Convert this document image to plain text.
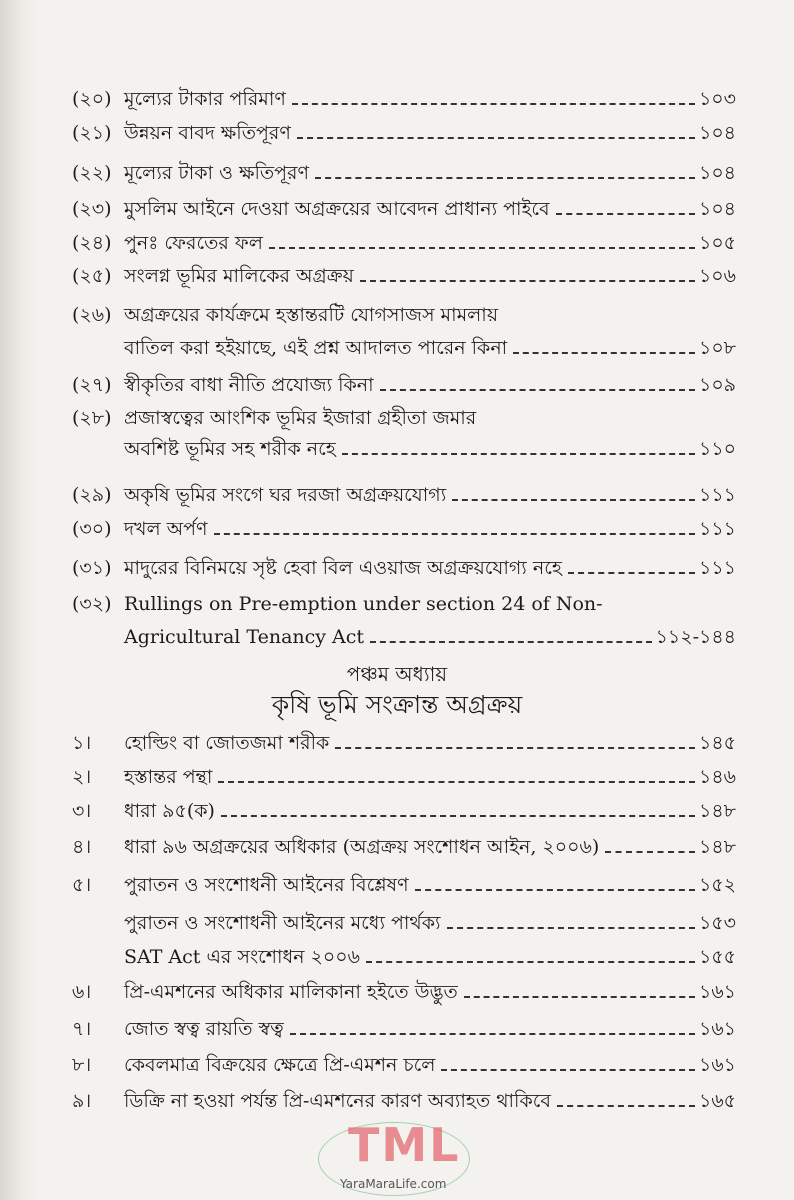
(২০) মূল্যের টাকার পরিমাণ	১০৩
(২১) উন্নয়ন বাবদ ক্ষতিপূরণ	১০৪
(২২) মূল্যের টাকা ও ক্ষতিপূরণ	১০৪
(২৩) মুসলিম আইনে দেওয়া অগ্রক্রয়ের আবেদন প্রাধান্য পাইবে	১০৪
(২৪) পুনঃ ফেরতের ফল	১০৫
(২৫) সংলগ্ন ভূমির মালিকের অগ্রক্রয়	১০৬
(২৬) অগ্রক্রয়ের কার্যক্রমে হস্তান্তরটি যোগসাজস মামলায়
বাতিল করা হইয়াছে, এই প্রশ্ন আদালত পারেন কিনা	১০৮
(২৭) স্বীকৃতির বাধা নীতি প্রযোজ্য কিনা	১০৯
(২৮) প্রজাস্বত্বের আংশিক ভূমির ইজারা গ্রহীতা জমার
অবশিষ্ট ভূমির সহ শরীক নহে	১১০
(২৯) অকৃষি ভূমির সংগে ঘর দরজা অগ্রক্রয়যোগ্য	১১১
(৩০) দখল অর্পণ	১১১
(৩১) মাদুরের বিনিময়ে সৃষ্ট হেবা বিল এওয়াজ অগ্রক্রয়যোগ্য নহে	১১১
(৩২) Rullings on Pre-emption under section 24 of Non-
Agricultural Tenancy Act	১১২-১৪৪
১।	হোল্ডিং বা জোতজমা শরীক	১৪৫
২।	হস্তান্তর পন্থা	১৪৬
৩।	ধারা ৯৫(ক)	১৪৮
৪।	ধারা ৯৬ অগ্রক্রয়ের অধিকার (অগ্রক্রয় সংশোধন আইন, ২০০৬)	১৪৮
৫।	পুরাতন ও সংশোধনী আইনের বিশ্লেষণ	১৫২
পুরাতন ও সংশোধনী আইনের মধ্যে পার্থক্য	১৫৩
SAT Act এর সংশোধন ২০০৬	১৫৫
৬।	প্রি-এমশনের অধিকার মালিকানা হইতে উদ্ভুত	১৬১
৭।	জোত স্বত্ব রায়তি স্বত্ব	১৬১
৮।	কেবলমাত্র বিক্রয়ের ক্ষেত্রে প্রি-এমশন চলে	১৬১
৯।	ডিক্রি না হওয়া পর্যন্ত প্রি-এমশনের কারণ অব্যাহত থাকিবে	১৬৫
পঞ্চম অধ্যায়
কৃষি ভূমি সংক্রান্ত অগ্রক্রয়
TML
YaraMaraLife.com
